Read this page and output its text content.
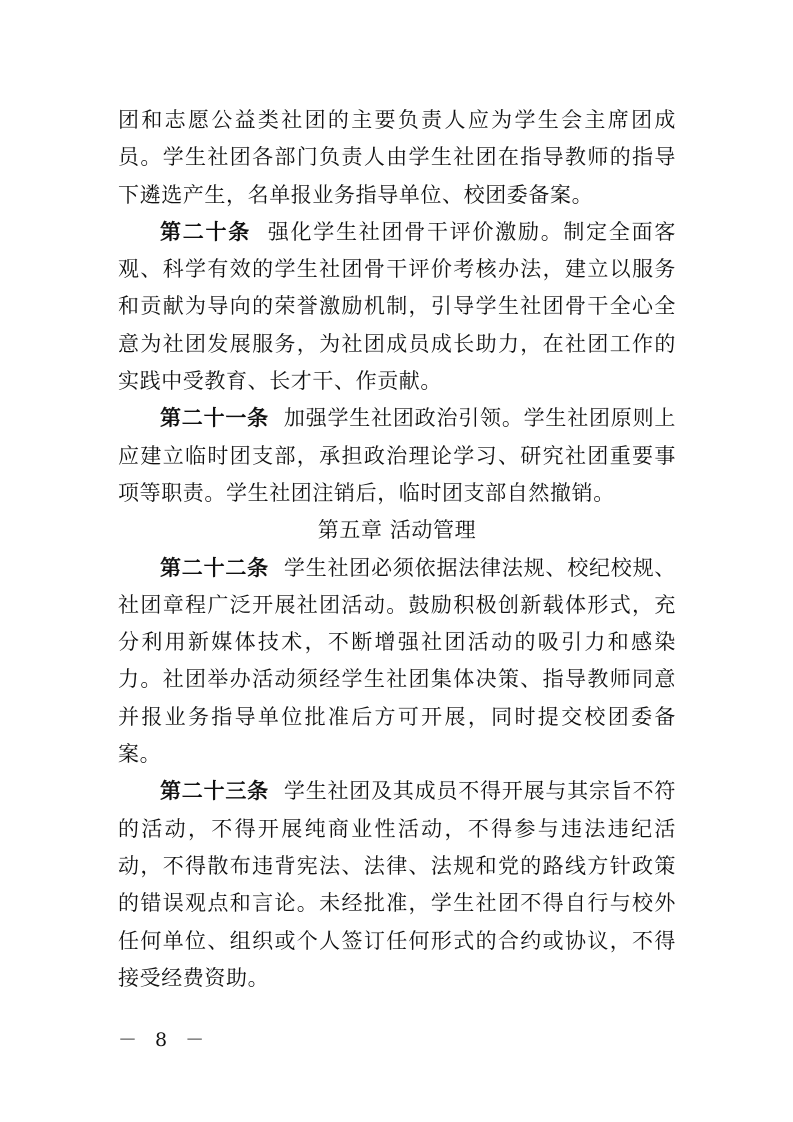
团和志愿公益类社团的主要负责人应为学生会主席团成员。学生社团各部门负责人由学生社团在指导教师的指导下遴选产生，名单报业务指导单位、校团委备案。

第二十条 强化学生社团骨干评价激励。制定全面客观、科学有效的学生社团骨干评价考核办法，建立以服务和贡献为导向的荣誉激励机制，引导学生社团骨干全心全意为社团发展服务，为社团成员成长助力，在社团工作的实践中受教育、长才干、作贡献。

第二十一条 加强学生社团政治引领。学生社团原则上应建立临时团支部，承担政治理论学习、研究社团重要事项等职责。学生社团注销后，临时团支部自然撤销。

第五章 活动管理

第二十二条 学生社团必须依据法律法规、校纪校规、社团章程广泛开展社团活动。鼓励积极创新载体形式，充分利用新媒体技术，不断增强社团活动的吸引力和感染力。社团举办活动须经学生社团集体决策、指导教师同意并报业务指导单位批准后方可开展，同时提交校团委备案。

第二十三条 学生社团及其成员不得开展与其宗旨不符的活动，不得开展纯商业性活动，不得参与违法违纪活动，不得散布违背宪法、法律、法规和党的路线方针政策的错误观点和言论。未经批准，学生社团不得自行与校外任何单位、组织或个人签订任何形式的合约或协议，不得接受经费资助。

－ 8 －
